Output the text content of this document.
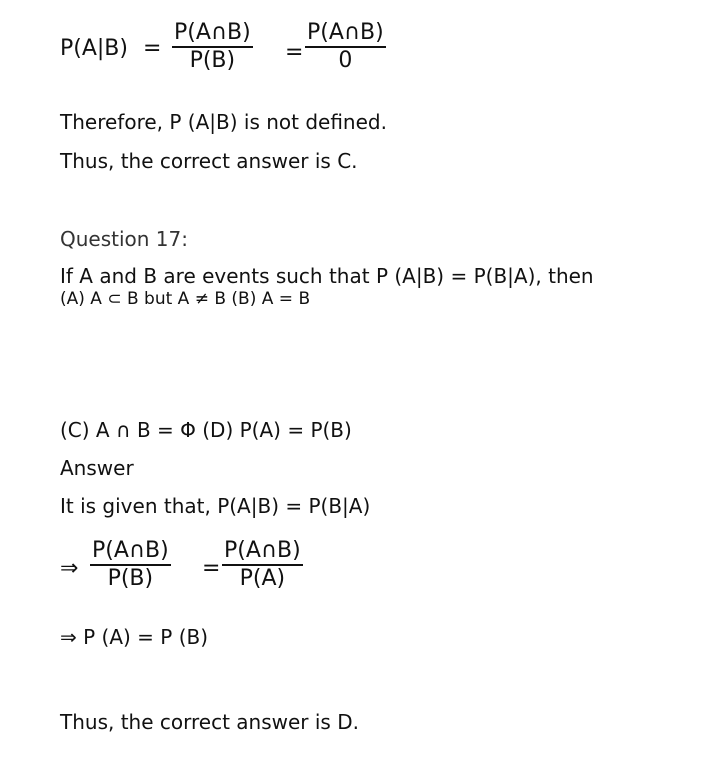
P(A|B) =
P(A∩B)
P(B) =
P(A∩B)
0
Therefore, P (A|B) is not defined.
Thus, the correct answer is C.
Question 17:
If A and B are events such that P (A|B) = P(B|A), then
(A) A ⊂ B but A ≠ B (B) A = B
(C) A ∩ B = Φ (D) P(A) = P(B)
Answer
It is given that, P(A|B) = P(B|A)
⇒
P(A∩B)
P(B) =
P(A∩B)
P(A)
⇒ P (A) = P (B)
Thus, the correct answer is D.
